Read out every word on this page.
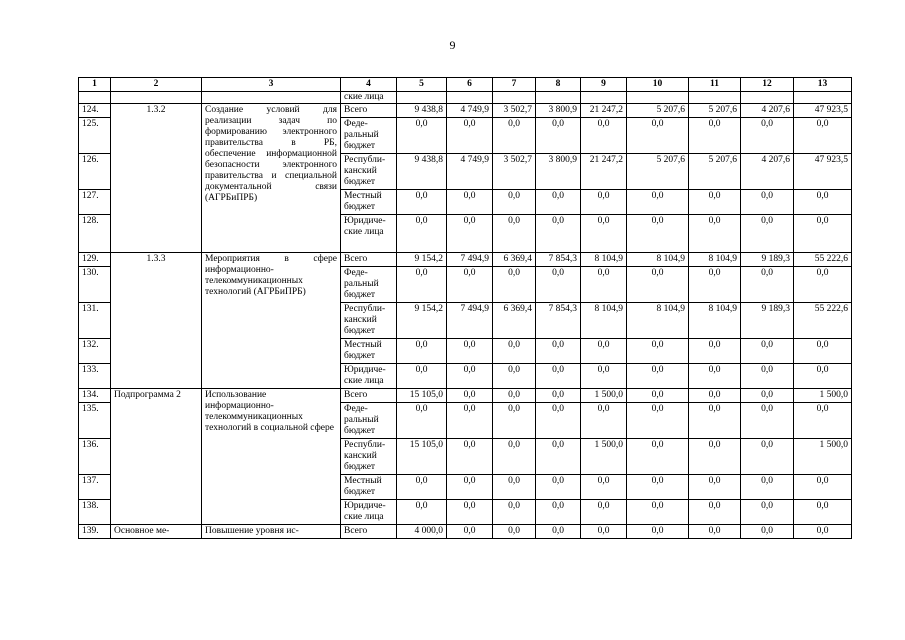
9
1	2	3	4	5	6	7	8	9	10	11	12	13
			ские лица									
124.	1.3.2	Создание условий для реализации задач по формированию электронного правительства в РБ, обеспечение информационной безопасности электронного правительства и специальной документальной связи (АГРБиПРБ)	Всего	9 438,8	4 749,9	3 502,7	3 800,9	21 247,2	5 207,6	5 207,6	4 207,6	47 923,5
125.			Феде-ральный бюджет	0,0	0,0	0,0	0,0	0,0	0,0	0,0	0,0	0,0
126.			Республи-канский бюджет	9 438,8	4 749,9	3 502,7	3 800,9	21 247,2	5 207,6	5 207,6	4 207,6	47 923,5
127.			Местный бюджет	0,0	0,0	0,0	0,0	0,0	0,0	0,0	0,0	0,0
128.			Юридиче-ские лица	0,0	0,0	0,0	0,0	0,0	0,0	0,0	0,0	0,0
129.	1.3.3	Мероприятия в сфере информационно-телекоммуникационных технологий (АГРБиПРБ)	Всего	9 154,2	7 494,9	6 369,4	7 854,3	8 104,9	8 104,9	8 104,9	9 189,3	55 222,6
130.			Феде-ральный бюджет	0,0	0,0	0,0	0,0	0,0	0,0	0,0	0,0	0,0
131.			Республи-канский бюджет	9 154,2	7 494,9	6 369,4	7 854,3	8 104,9	8 104,9	8 104,9	9 189,3	55 222,6
132.			Местный бюджет	0,0	0,0	0,0	0,0	0,0	0,0	0,0	0,0	0,0
133.			Юридиче-ские лица	0,0	0,0	0,0	0,0	0,0	0,0	0,0	0,0	0,0
134.	Подпрограмма 2	Использование информационно-телекоммуникационных технологий в социальной сфере	Всего	15 105,0	0,0	0,0	0,0	1 500,0	0,0	0,0	0,0	1 500,0
135.			Феде-ральный бюджет	0,0	0,0	0,0	0,0	0,0	0,0	0,0	0,0	0,0
136.			Республи-канский бюджет	15 105,0	0,0	0,0	0,0	1 500,0	0,0	0,0	0,0	1 500,0
137.			Местный бюджет	0,0	0,0	0,0	0,0	0,0	0,0	0,0	0,0	0,0
138.			Юридиче-ские лица	0,0	0,0	0,0	0,0	0,0	0,0	0,0	0,0	0,0
139.	Основное ме-	Повышение уровня ис-	Всего	4 000,0	0,0	0,0	0,0	0,0	0,0	0,0	0,0	0,0
